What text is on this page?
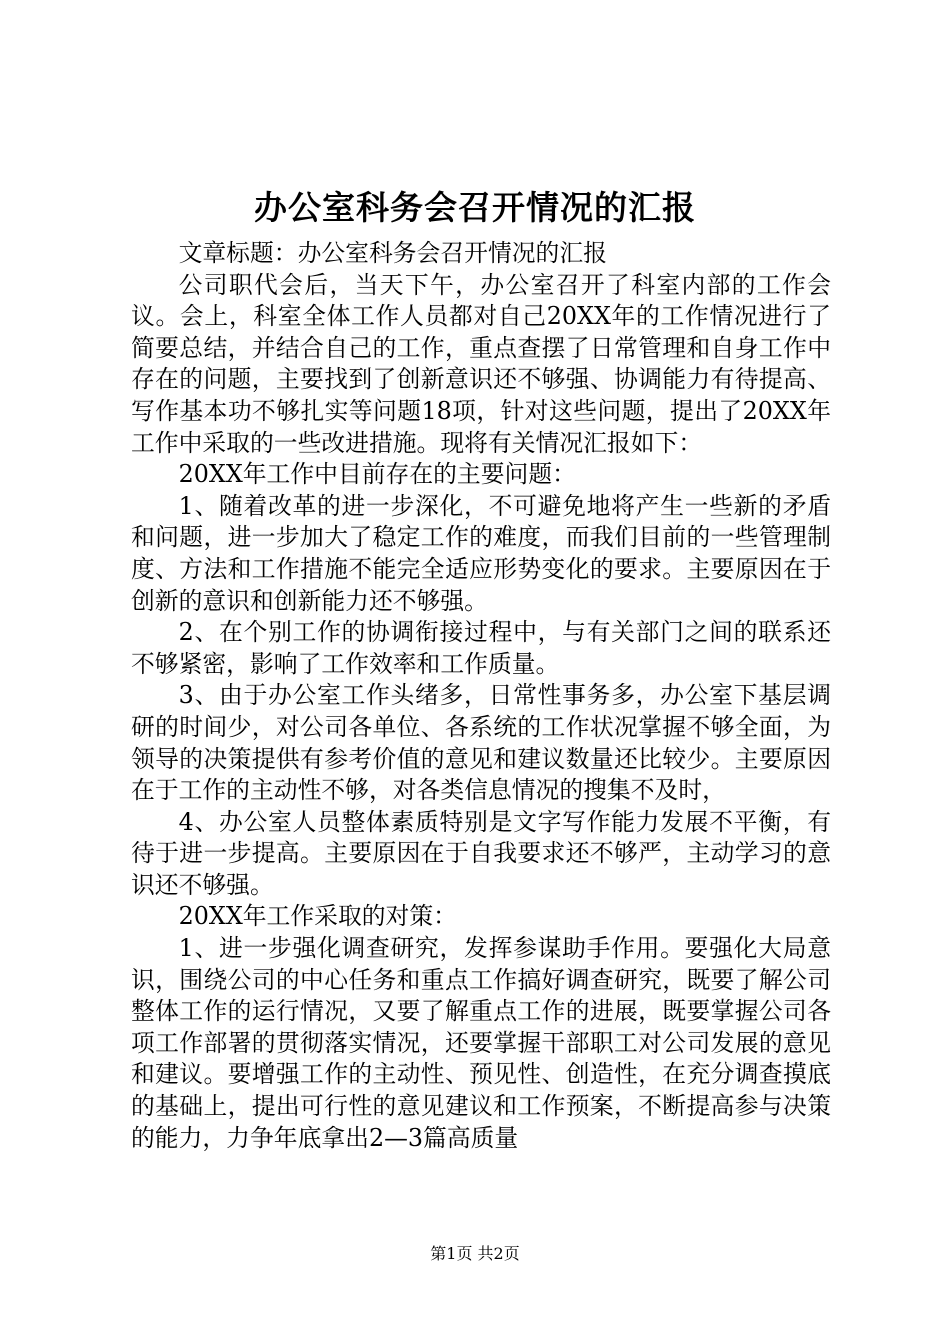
办公室科务会召开情况的汇报

文章标题：办公室科务会召开情况的汇报

公司职代会后，当天下午，办公室召开了科室内部的工作会议。会上，科室全体工作人员都对自己20XX年的工作情况进行了简要总结，并结合自己的工作，重点查摆了日常管理和自身工作中存在的问题，主要找到了创新意识还不够强、协调能力有待提高、写作基本功不够扎实等问题18项，针对这些问题，提出了20XX年工作中采取的一些改进措施。现将有关情况汇报如下：

20XX年工作中目前存在的主要问题：

1、随着改革的进一步深化，不可避免地将产生一些新的矛盾和问题，进一步加大了稳定工作的难度，而我们目前的一些管理制度、方法和工作措施不能完全适应形势变化的要求。主要原因在于创新的意识和创新能力还不够强。

2、在个别工作的协调衔接过程中，与有关部门之间的联系还不够紧密，影响了工作效率和工作质量。

3、由于办公室工作头绪多，日常性事务多，办公室下基层调研的时间少，对公司各单位、各系统的工作状况掌握不够全面，为领导的决策提供有参考价值的意见和建议数量还比较少。主要原因在于工作的主动性不够，对各类信息情况的搜集不及时，

4、办公室人员整体素质特别是文字写作能力发展不平衡，有待于进一步提高。主要原因在于自我要求还不够严，主动学习的意识还不够强。

20XX年工作采取的对策：

1、进一步强化调查研究，发挥参谋助手作用。要强化大局意识，围绕公司的中心任务和重点工作搞好调查研究，既要了解公司整体工作的运行情况，又要了解重点工作的进展，既要掌握公司各项工作部署的贯彻落实情况，还要掌握干部职工对公司发展的意见和建议。要增强工作的主动性、预见性、创造性，在充分调查摸底的基础上，提出可行性的意见建议和工作预案，不断提高参与决策的能力，力争年底拿出2—3篇高质量

第1页 共2页
